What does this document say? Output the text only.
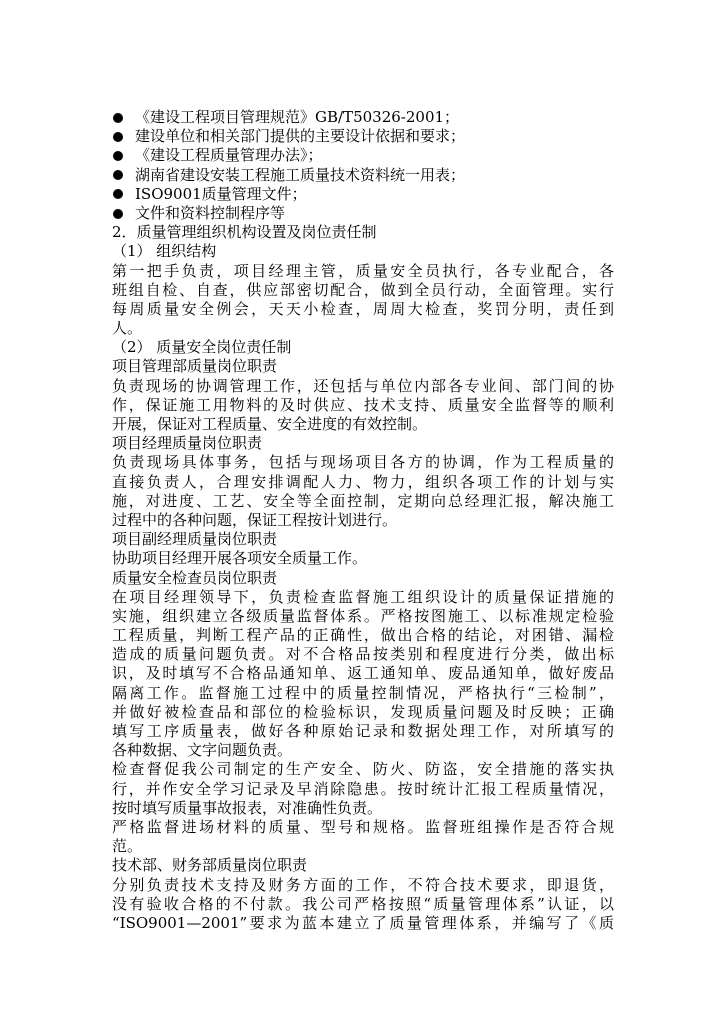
《建设工程项目管理规范》GB/T50326-2001；
建设单位和相关部门提供的主要设计依据和要求；
《建设工程质量管理办法》；
湖南省建设安装工程施工质量技术资料统一用表；
ISO9001质量管理文件；
文件和资料控制程序等
2．质量管理组织机构设置及岗位责任制
（1） 组织结构
第一把手负责，项目经理主管，质量安全员执行，各专业配合，各
班组自检、自查，供应部密切配合，做到全员行动，全面管理。实行
每周质量安全例会，天天小检查，周周大检查，奖罚分明，责任到
人。
（2） 质量安全岗位责任制
项目管理部质量岗位职责
负责现场的协调管理工作，还包括与单位内部各专业间、部门间的协
作，保证施工用物料的及时供应、技术支持、质量安全监督等的顺利
开展，保证对工程质量、安全进度的有效控制。
项目经理质量岗位职责
负责现场具体事务，包括与现场项目各方的协调，作为工程质量的
直接负责人，合理安排调配人力、物力，组织各项工作的计划与实
施，对进度、工艺、安全等全面控制，定期向总经理汇报，解决施工
过程中的各种问题，保证工程按计划进行。
项目副经理质量岗位职责
协助项目经理开展各项安全质量工作。
质量安全检查员岗位职责
在项目经理领导下，负责检查监督施工组织设计的质量保证措施的
实施，组织建立各级质量监督体系。严格按图施工、以标准规定检验
工程质量，判断工程产品的正确性，做出合格的结论，对困错、漏检
造成的质量问题负责。对不合格品按类别和程度进行分类，做出标
识，及时填写不合格品通知单、返工通知单、废品通知单，做好废品
隔离工作。监督施工过程中的质量控制情况，严格执行“三检制”，
并做好被检查品和部位的检验标识，发现质量问题及时反映；正确
填写工序质量表，做好各种原始记录和数据处理工作，对所填写的
各种数据、文字问题负责。
检查督促我公司制定的生产安全、防火、防盗，安全措施的落实执
行，并作安全学习记录及早消除隐患。按时统计汇报工程质量情况，
按时填写质量事故报表，对准确性负责。
严格监督进场材料的质量、型号和规格。监督班组操作是否符合规
范。
技术部、财务部质量岗位职责
分别负责技术支持及财务方面的工作，不符合技术要求，即退货，
没有验收合格的不付款。我公司严格按照“质量管理体系”认证，以
“ISO9001—2001”要求为蓝本建立了质量管理体系，并编写了《质
